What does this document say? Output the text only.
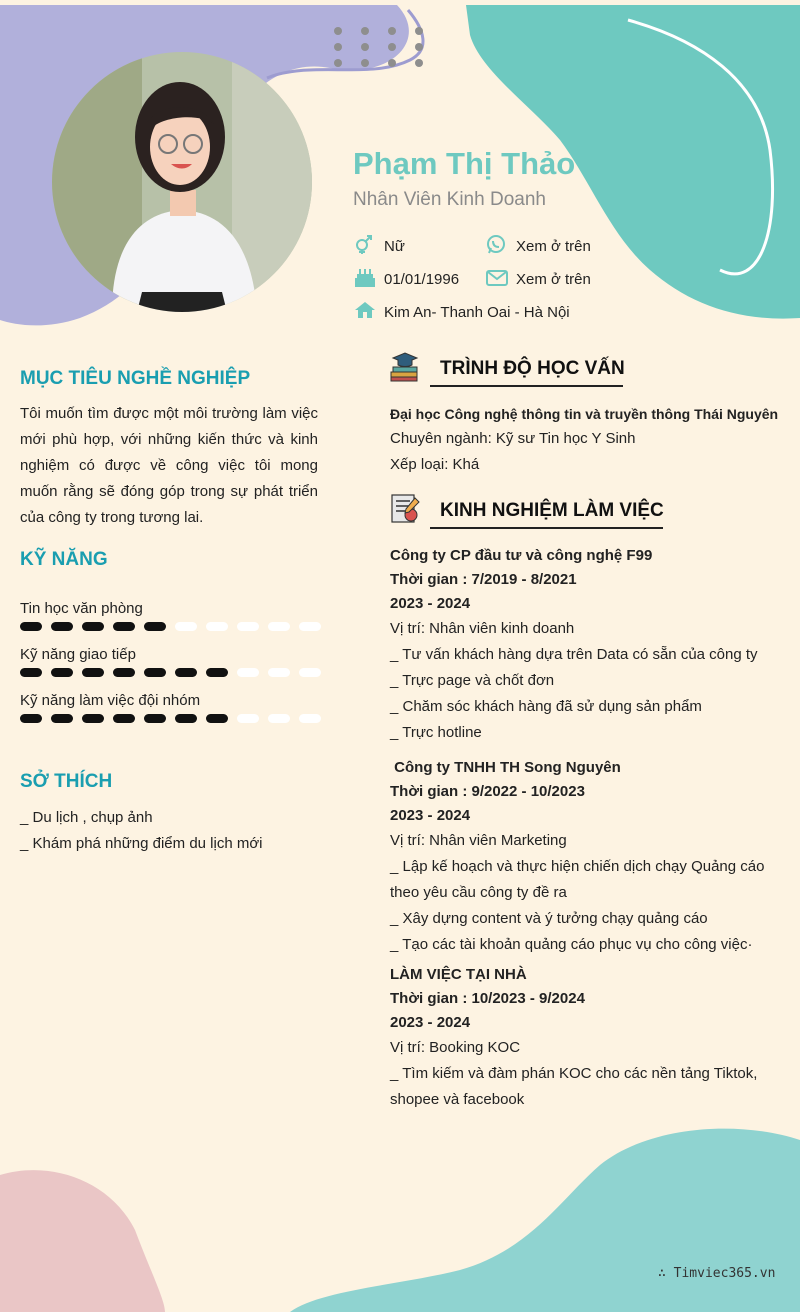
Phạm Thị Thảo
Nhân Viên Kinh Doanh
Nữ	Xem ở trên
01/01/1996	Xem ở trên
Kim An- Thanh Oai - Hà Nội
MỤC TIÊU NGHỀ NGHIỆP
Tôi muốn tìm được một môi trường làm việc
mới phù hợp, với những kiến thức và kinh
nghiệm có được về công việc tôi mong
muốn rằng sẽ đóng góp trong sự phát triển
của công ty trong tương lai.
KỸ NĂNG
Tin học văn phòng
Kỹ năng giao tiếp
Kỹ năng làm việc đội nhóm
SỞ THÍCH
_ Du lịch , chụp ảnh
_ Khám phá những điểm du lịch mới
TRÌNH ĐỘ HỌC VẤN
Đại học Công nghệ thông tin và truyền thông Thái Nguyên
Chuyên ngành: Kỹ sư Tin học Y Sinh
Xếp loại: Khá
KINH NGHIỆM LÀM VIỆC
Công ty CP đầu tư và công nghệ F99
Thời gian : 7/2019 - 8/2021
2023 - 2024
Vị trí: Nhân viên kinh doanh
_ Tư vấn khách hàng dựa trên Data có sẵn của công ty
_ Trực page và chốt đơn
_ Chăm sóc khách hàng đã sử dụng sản phẩm
_ Trực hotline
Công ty TNHH TH Song Nguyên
Thời gian : 9/2022 - 10/2023
2023 - 2024
Vị trí: Nhân viên Marketing
_ Lập kế hoạch và thực hiện chiến dịch chạy Quảng cáo
theo yêu cầu công ty đề ra
_ Xây dựng content và ý tưởng chạy quảng cáo
_ Tạo các tài khoản quảng cáo phục vụ cho công việc·
LÀM VIỆC TẠI NHÀ
Thời gian : 10/2023 - 9/2024
2023 - 2024
Vị trí: Booking KOC
_ Tìm kiếm và đàm phán KOC cho các nền tảng Tiktok,
shopee và facebook
∴ Timviec365.vn
